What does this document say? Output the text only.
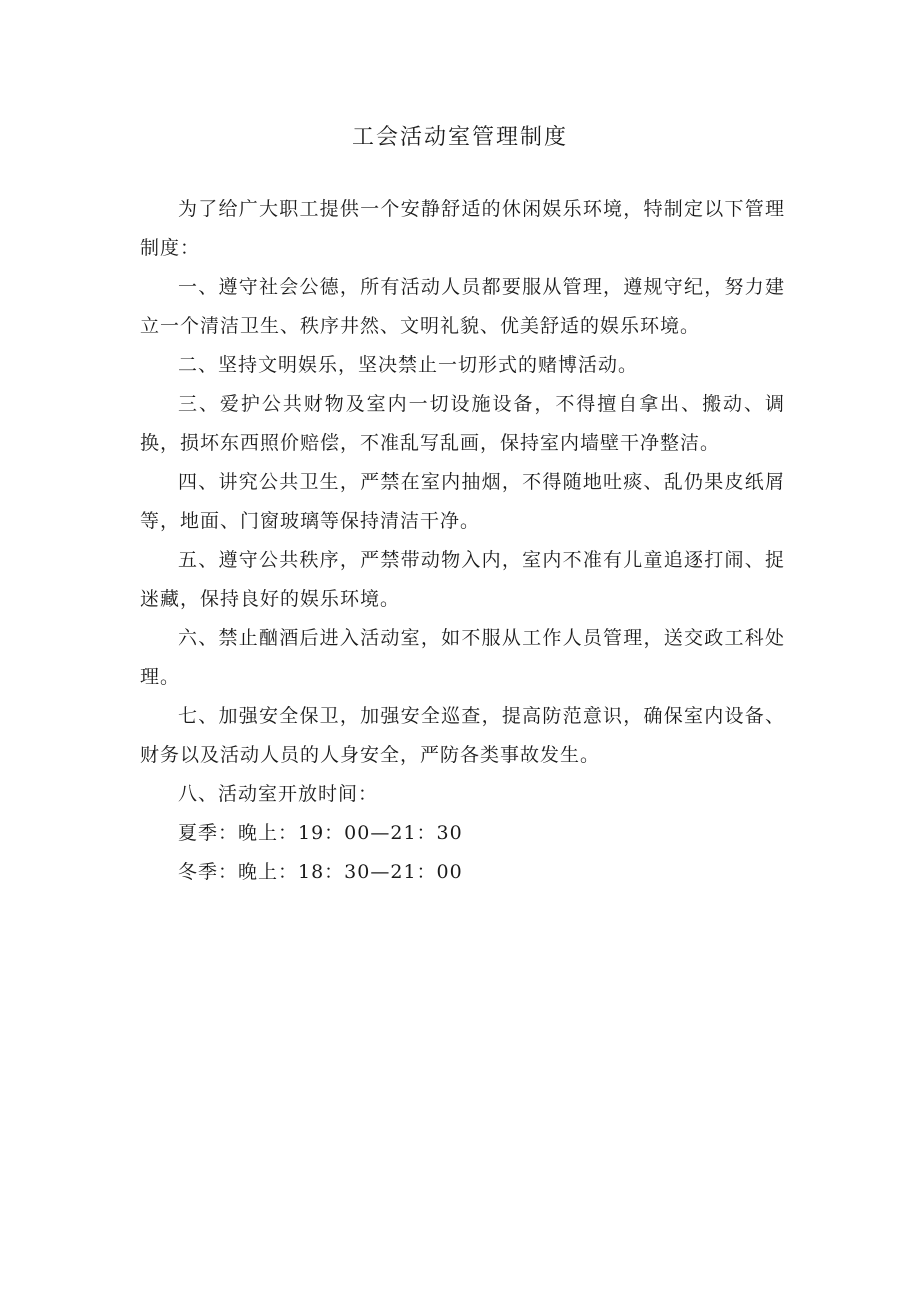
工会活动室管理制度

为了给广大职工提供一个安静舒适的休闲娱乐环境，特制定以下管理制度：

一、遵守社会公德，所有活动人员都要服从管理，遵规守纪，努力建立一个清洁卫生、秩序井然、文明礼貌、优美舒适的娱乐环境。

二、坚持文明娱乐，坚决禁止一切形式的赌博活动。

三、爱护公共财物及室内一切设施设备，不得擅自拿出、搬动、调换，损坏东西照价赔偿，不准乱写乱画，保持室内墙壁干净整洁。

四、讲究公共卫生，严禁在室内抽烟，不得随地吐痰、乱仍果皮纸屑等，地面、门窗玻璃等保持清洁干净。

五、遵守公共秩序，严禁带动物入内，室内不准有儿童追逐打闹、捉迷藏，保持良好的娱乐环境。

六、禁止酗酒后进入活动室，如不服从工作人员管理，送交政工科处理。

七、加强安全保卫，加强安全巡查，提高防范意识，确保室内设备、财务以及活动人员的人身安全，严防各类事故发生。

八、活动室开放时间：

夏季：晚上：19：00—21：30

冬季：晚上：18：30—21：00
